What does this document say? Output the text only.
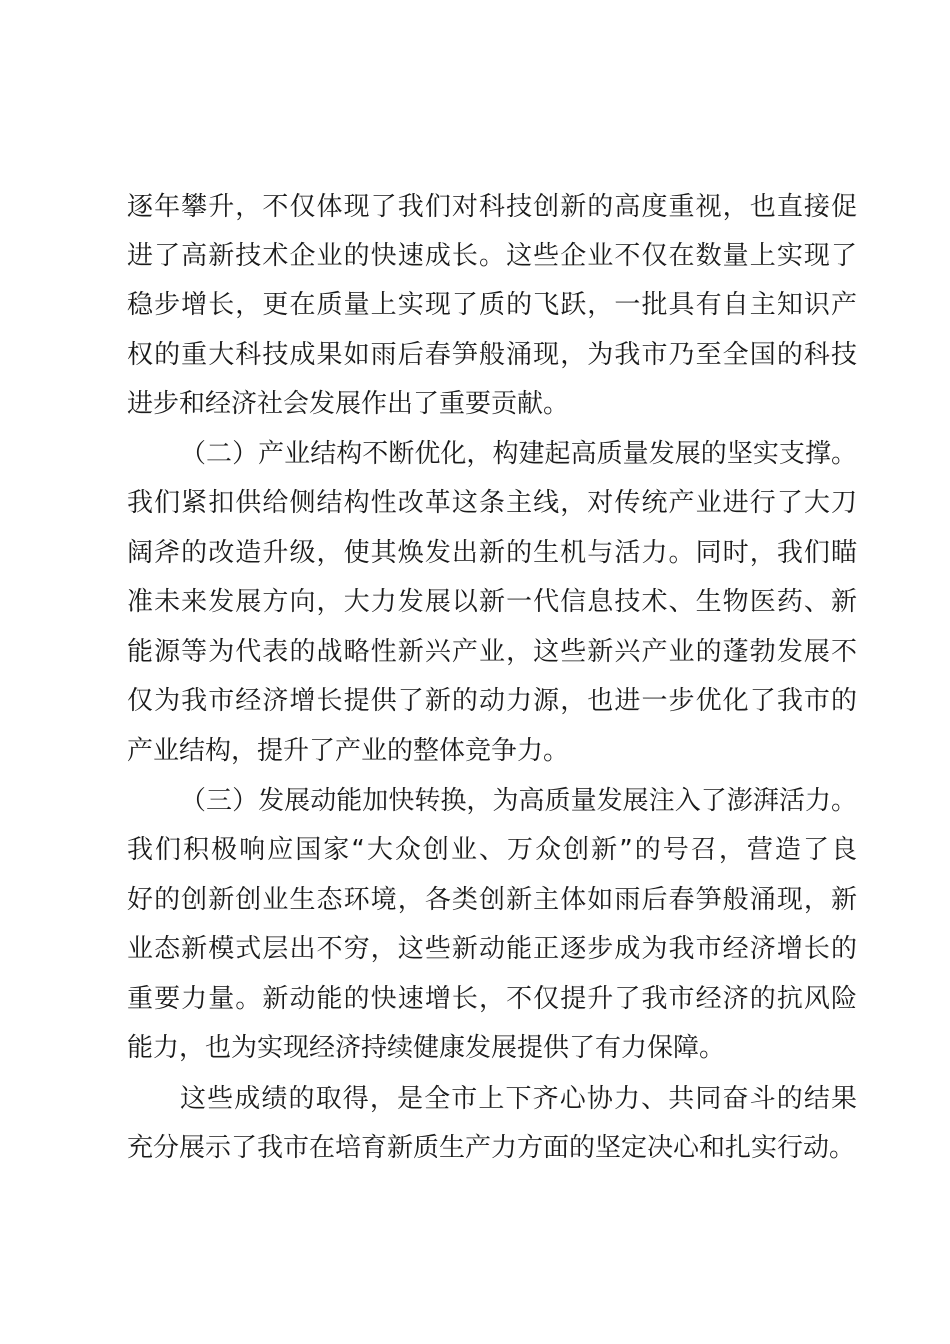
逐年攀升，不仅体现了我们对科技创新的高度重视，也直接促
进了高新技术企业的快速成长。这些企业不仅在数量上实现了
稳步增长，更在质量上实现了质的飞跃，一批具有自主知识产
权的重大科技成果如雨后春笋般涌现，为我市乃至全国的科技
进步和经济社会发展作出了重要贡献。
（二）产业结构不断优化，构建起高质量发展的坚实支撑。
我们紧扣供给侧结构性改革这条主线，对传统产业进行了大刀
阔斧的改造升级，使其焕发出新的生机与活力。同时，我们瞄
准未来发展方向，大力发展以新一代信息技术、生物医药、新
能源等为代表的战略性新兴产业，这些新兴产业的蓬勃发展不
仅为我市经济增长提供了新的动力源，也进一步优化了我市的
产业结构，提升了产业的整体竞争力。
（三）发展动能加快转换，为高质量发展注入了澎湃活力。
我们积极响应国家“大众创业、万众创新”的号召，营造了良
好的创新创业生态环境，各类创新主体如雨后春笋般涌现，新
业态新模式层出不穷，这些新动能正逐步成为我市经济增长的
重要力量。新动能的快速增长，不仅提升了我市经济的抗风险
能力，也为实现经济持续健康发展提供了有力保障。
这些成绩的取得，是全市上下齐心协力、共同奋斗的结果
充分展示了我市在培育新质生产力方面的坚定决心和扎实行动。
